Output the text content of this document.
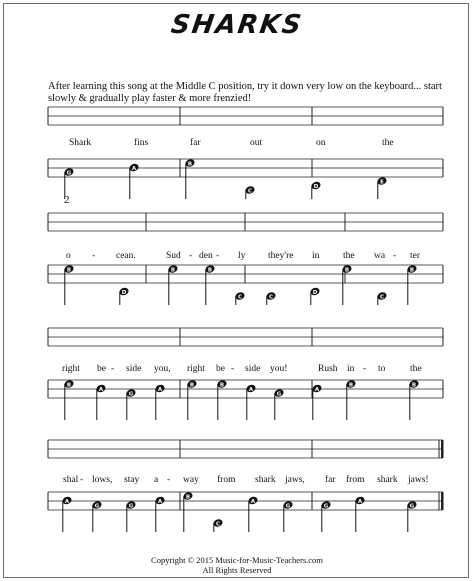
SHARKS
After learning this song at the Middle C position, try it down very low on the keyboard... start slowly & gradually play faster & more frenzied!
2
G
A
B
C
D
E
B
D
B	B
C	C
D
B
C
B
B
A
G
A
B	B
A
G
A
B	B
A
G	G
A
B
C
A
G	G
A
G
Shark	fins	far	out	on	the
o - cean.	Sud - den - ly they're in the wa - ter
right be - side you, right be - side you!	Rush in - to	the
shal - lows, stay a - way from shark jaws, far from shark jaws!
Copyright © 2015 Music-for-Music-Teachers.com
All Rights Reserved
